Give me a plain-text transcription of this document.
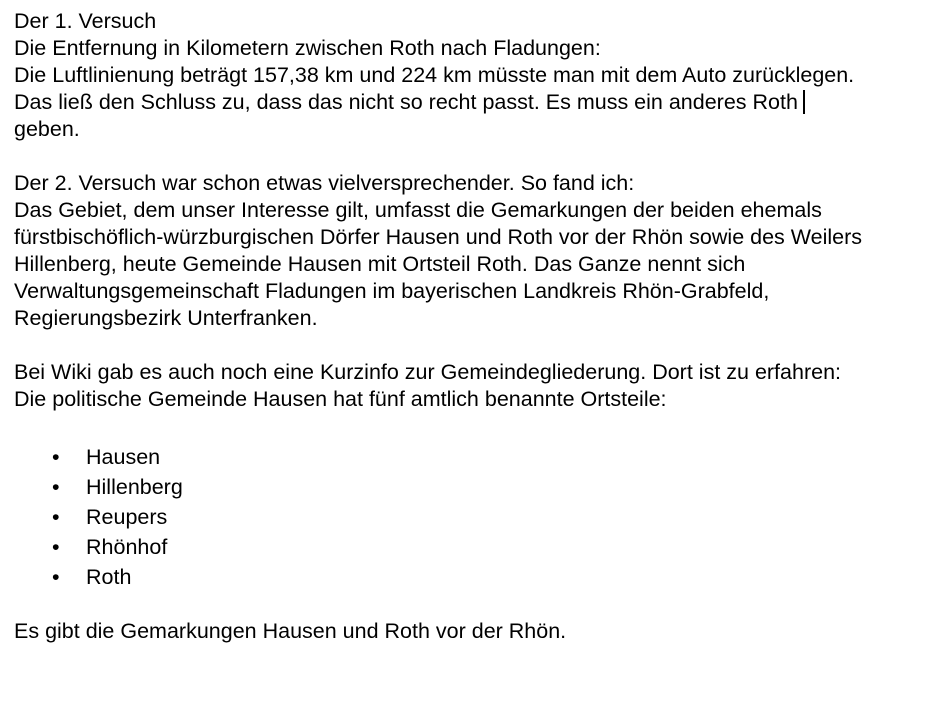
Der 1. Versuch

Die Entfernung in Kilometern zwischen Roth nach Fladungen:

Die Luftlinienung beträgt 157,38 km und 224 km müsste man mit dem Auto zurücklegen.

Das ließ den Schluss zu, dass das nicht so recht passt. Es muss ein anderes Roth
geben.

Der 2. Versuch war schon etwas vielversprechender. So fand ich:

Das Gebiet, dem unser Interesse gilt, umfasst die Gemarkungen der beiden ehemals fürstbischöflich-würzburgischen Dörfer Hausen und Roth vor der Rhön sowie des Weilers Hillenberg, heute Gemeinde Hausen mit Ortsteil Roth. Das Ganze nennt sich Verwaltungsgemeinschaft Fladungen im bayerischen Landkreis Rhön-Grabfeld, Regierungsbezirk Unterfranken.

Bei Wiki gab es auch noch eine Kurzinfo zur Gemeindegliederung. Dort ist zu erfahren:

Die politische Gemeinde Hausen hat fünf amtlich benannte Ortsteile:

• Hausen
• Hillenberg
• Reupers
• Rhönhof
• Roth

Es gibt die Gemarkungen Hausen und Roth vor der Rhön.
